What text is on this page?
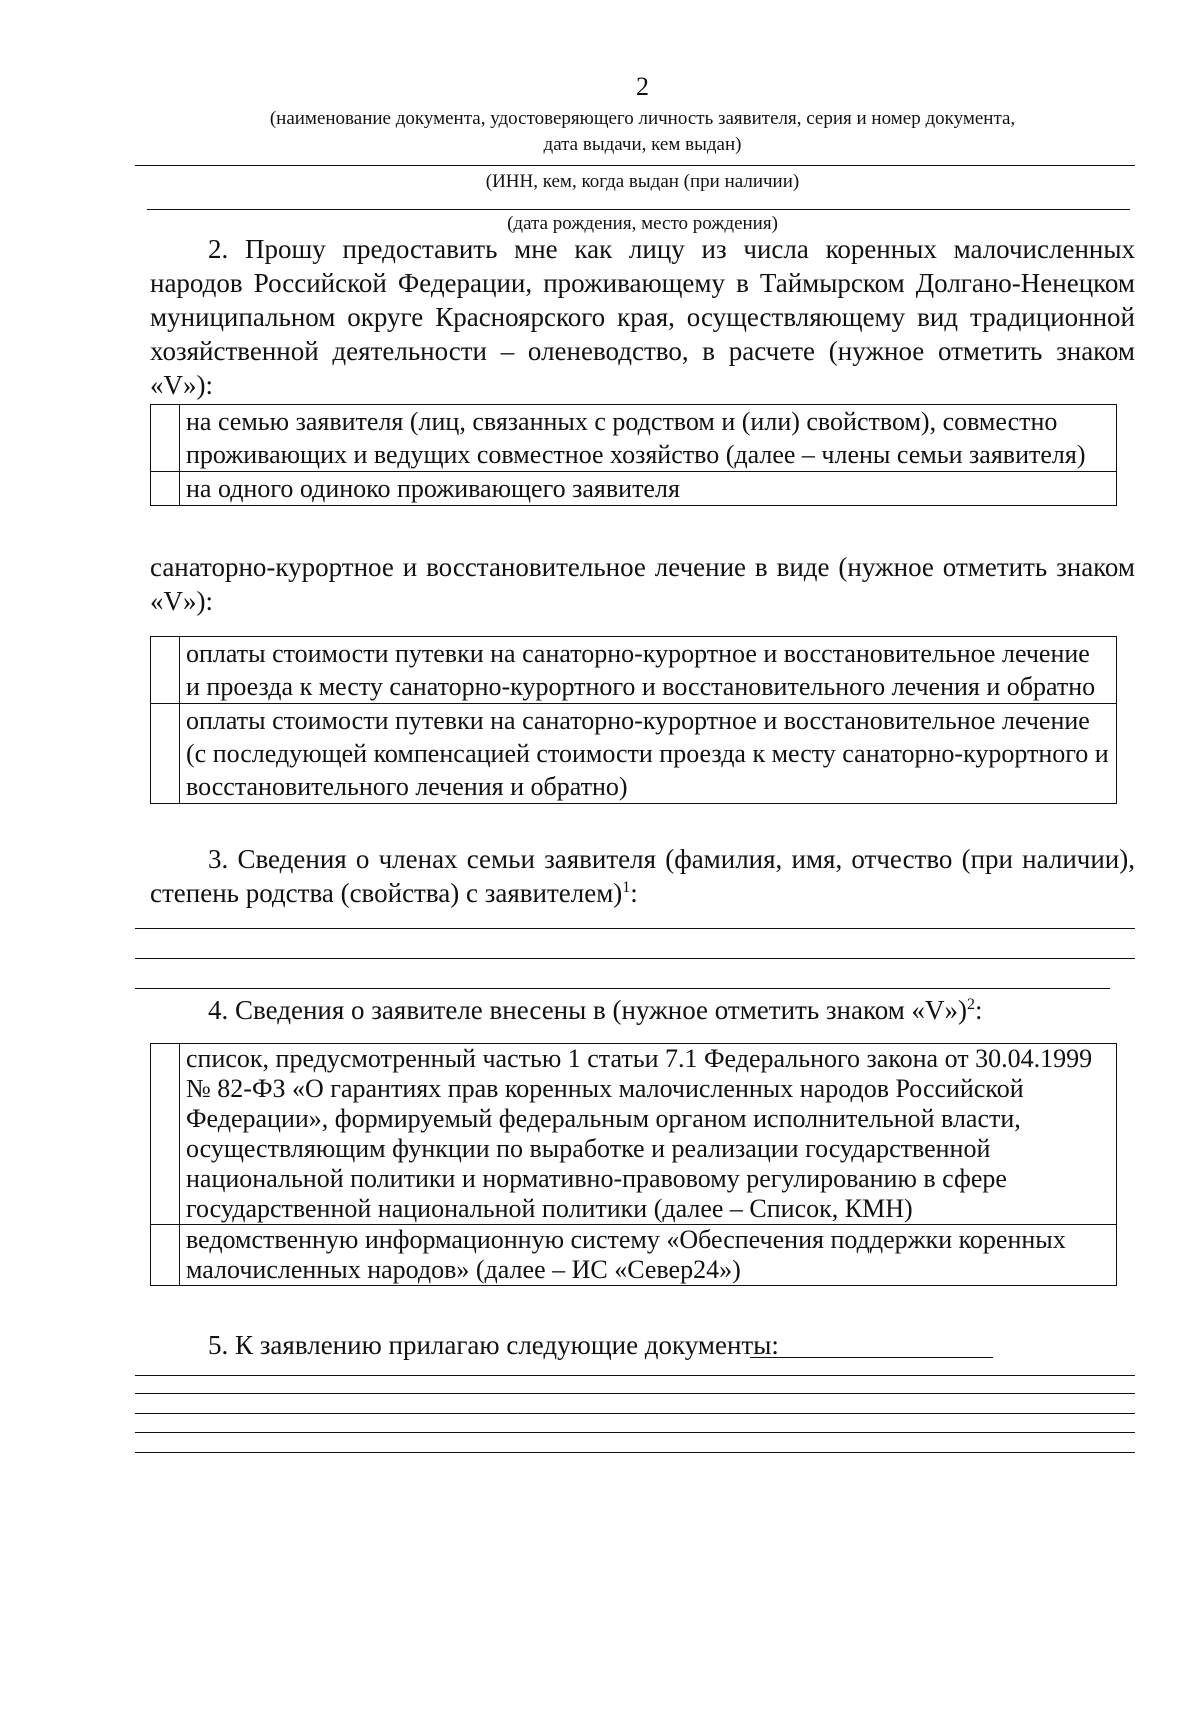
2
(наименование документа, удостоверяющего личность заявителя, серия и номер документа,
дата выдачи, кем выдан)
(ИНН, кем, когда выдан (при наличии)
(дата рождения, место рождения)

2. Прошу предоставить мне как лицу из числа коренных малочисленных народов Российской Федерации, проживающему в Таймырском Долгано-Ненецком муниципальном округе Красноярского края, осуществляющему вид традиционной хозяйственной деятельности – оленеводство, в расчете (нужное отметить знаком «V»):

	на семью заявителя (лиц, связанных с родством и (или) свойством), совместно проживающих и ведущих совместное хозяйство (далее – члены семьи заявителя)
	на одного одиноко проживающего заявителя

санаторно-курортное и восстановительное лечение в виде (нужное отметить знаком «V»):

	оплаты стоимости путевки на санаторно-курортное и восстановительное лечение и проезда к месту санаторно-курортного и восстановительного лечения и обратно
	оплаты стоимости путевки на санаторно-курортное и восстановительное лечение (с последующей компенсацией стоимости проезда к месту санаторно-курортного и восстановительного лечения и обратно)

3. Сведения о членах семьи заявителя (фамилия, имя, отчество (при наличии), степень родства (свойства) с заявителем)$^1$:

4. Сведения о заявителе внесены в (нужное отметить знаком «V»)$^2$:

	список, предусмотренный частью 1 статьи 7.1 Федерального закона от 30.04.1999 № 82-ФЗ «О гарантиях прав коренных малочисленных народов Российской Федерации», формируемый федеральным органом исполнительной власти, осуществляющим функции по выработке и реализации государственной национальной политики и нормативно-правовому регулированию в сфере государственной национальной политики (далее – Список, КМН)
	ведомственную информационную систему «Обеспечения поддержки коренных малочисленных народов» (далее – ИС «Север24»)

5. К заявлению прилагаю следующие документы:
